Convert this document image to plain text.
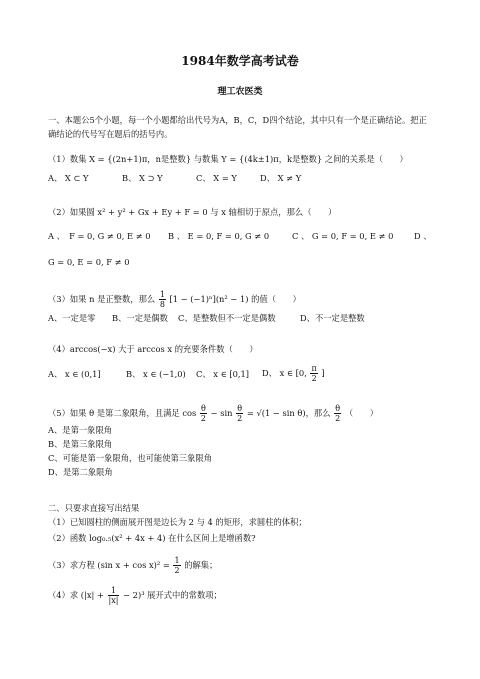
1984年数学高考试卷
理工农医类
一、本题公5个小题，每一个小题都给出代号为A，B，C，D四个结论，其中只有一个是正确结论。把正
确结论的代号写在题后的括号内。
（1）数集 X = {(2n+1)π，n是整数} 与数集 Y = {(4k±1)π，k是整数} 之间的关系是（　　）
A、 X ⊂ Y	B、 X ⊃ Y	C、 X = Y	D、 X ≠ Y
（2）如果圆 x² + y² + Gx + Ey + F = 0 与 x 轴相切于原点，那么（　　）
A 、　F = 0, G ≠ 0, E ≠ 0 B 、 E = 0, F = 0, G ≠ 0	C 、 G = 0, F = 0, E ≠ 0 D 、
G = 0, E = 0, F ≠ 0
（3）如果 n 是正整数，那么 $\frac{1}{8} [1 - (-1)^n](n^2 - 1)$ 的值（　　）
A、一定是零 B、一定是偶数 C、是整数但不一定是偶数	D、不一定是整数
（4）arccos(−x) 大于 arccos x 的充要条件数（　　）
A、 x ∈ (0,1]	B、 x ∈ (−1,0) C、 x ∈ [0,1] D、 x ∈ [0, $\frac{\pi}{2}$ ]
（5）如果 θ 是第二象限角，且满足 $\cos \frac{\theta}{2} - \sin \frac{\theta}{2} = √(1 - \sin \theta)$，那么 $\frac{\theta}{2}$ （　　）
A、是第一象限角
B、是第三象限角
C、可能是第一象限角，也可能使第三象限角
D、是第二象限角
二、只要求直接写出结果
（1）已知圆柱的侧面展开图是边长为 2 与 4 的矩形，求圆柱的体积；
（2）函数 log₀.₅(x² + 4x + 4) 在什么区间上是增函数?
（3）求方程 (sin $x + \cos x)^2 = \frac{1}{2}$ 的解集；
（4）求 $(|x| + \frac{1}{|x|} - 2)^3$ 展开式中的常数项；
